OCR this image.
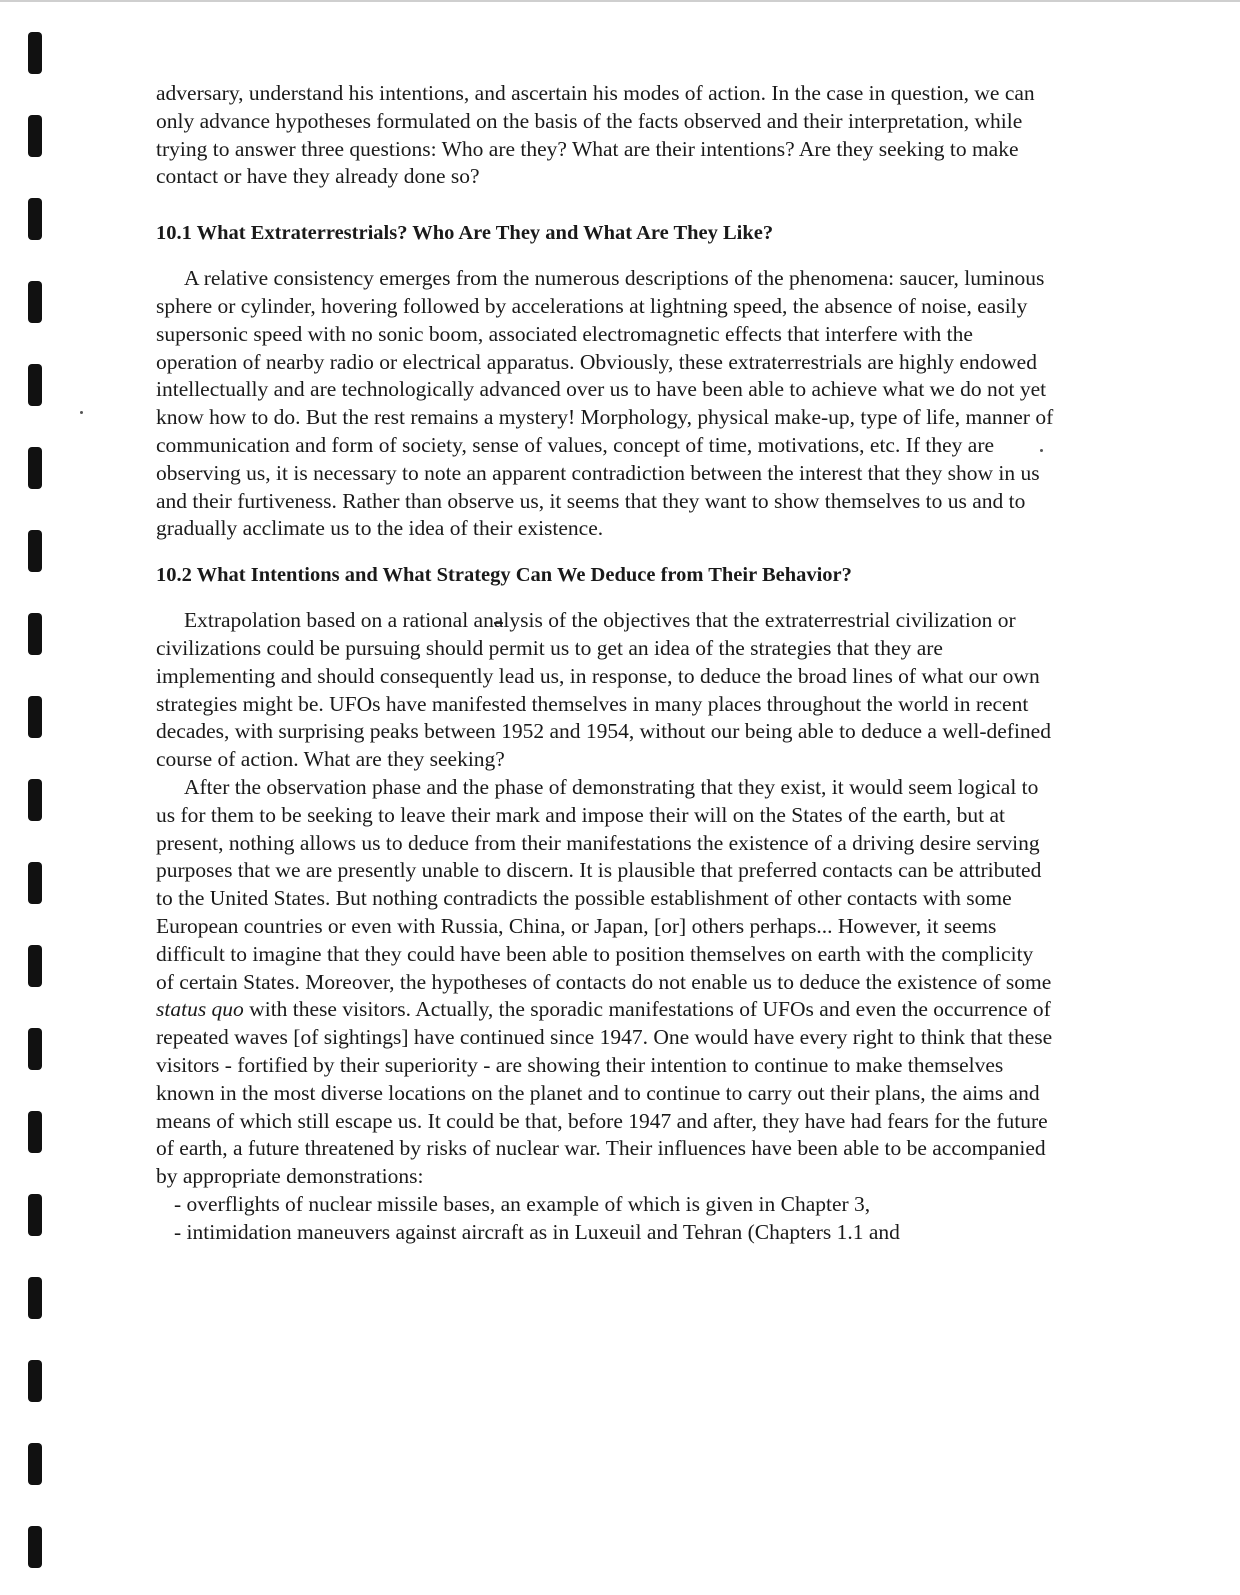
adversary, understand his intentions, and ascertain his modes of action. In the case in question, we can only advance hypotheses formulated on the basis of the facts observed and their interpretation, while trying to answer three questions: Who are they? What are their intentions? Are they seeking to make contact or have they already done so?

10.1 What Extraterrestrials? Who Are They and What Are They Like?

A relative consistency emerges from the numerous descriptions of the phenomena: saucer, luminous sphere or cylinder, hovering followed by accelerations at lightning speed, the absence of noise, easily supersonic speed with no sonic boom, associated electromagnetic effects that interfere with the operation of nearby radio or electrical apparatus. Obviously, these extraterrestrials are highly endowed intellectually and are technologically advanced over us to have been able to achieve what we do not yet know how to do. But the rest remains a mystery! Morphology, physical make-up, type of life, manner of communication and form of society, sense of values, concept of time, motivations, etc. If they are observing us, it is necessary to note an apparent contradiction between the interest that they show in us and their furtiveness. Rather than observe us, it seems that they want to show themselves to us and to gradually acclimate us to the idea of their existence.

10.2 What Intentions and What Strategy Can We Deduce from Their Behavior?

Extrapolation based on a rational analysis of the objectives that the extraterrestrial civilization or civilizations could be pursuing should permit us to get an idea of the strategies that they are implementing and should consequently lead us, in response, to deduce the broad lines of what our own strategies might be. UFOs have manifested themselves in many places throughout the world in recent decades, with surprising peaks between 1952 and 1954, without our being able to deduce a well-defined course of action. What are they seeking?

After the observation phase and the phase of demonstrating that they exist, it would seem logical to us for them to be seeking to leave their mark and impose their will on the States of the earth, but at present, nothing allows us to deduce from their manifestations the existence of a driving desire serving purposes that we are presently unable to discern. It is plausible that preferred contacts can be attributed to the United States. But nothing contradicts the possible establishment of other contacts with some European countries or even with Russia, China, or Japan, [or] others perhaps... However, it seems difficult to imagine that they could have been able to position themselves on earth with the complicity of certain States. Moreover, the hypotheses of contacts do not enable us to deduce the existence of some status quo with these visitors. Actually, the sporadic manifestations of UFOs and even the occurrence of repeated waves [of sightings] have continued since 1947. One would have every right to think that these visitors - fortified by their superiority - are showing their intention to continue to make themselves known in the most diverse locations on the planet and to continue to carry out their plans, the aims and means of which still escape us. It could be that, before 1947 and after, they have had fears for the future of earth, a future threatened by risks of nuclear war. Their influences have been able to be accompanied by appropriate demonstrations:

- overflights of nuclear missile bases, an example of which is given in Chapter 3,
- intimidation maneuvers against aircraft as in Luxeuil and Tehran (Chapters 1.1 and
